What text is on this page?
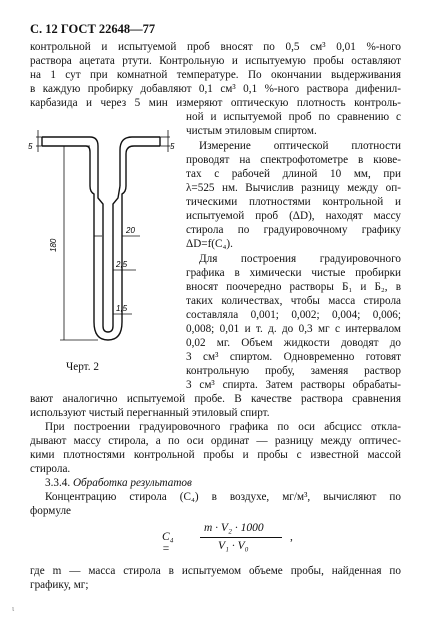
С. 12 ГОСТ 22648—77
контрольной и испытуемой проб вносят по 0,5 см³ 0,01 %-ного
раствора ацетата ртути. Контрольную и испытуемую пробы оставляют
на 1 сут при комнатной температуре. По окончании выдерживания
в каждую пробирку добавляют 0,1 см³ 0,1 %-ного раствора дифенил-
карбазида и через 5 мин измеряют оптическую плотность контроль-
ной и испытуемой проб по сравнению с
чистым этиловым спиртом.
Измерение оптической плотности
проводят на спектрофотометре в кюве-
тах с рабочей длиной 10 мм, при
λ=525 нм. Вычислив разницу между оп-
тическими плотностями контрольной и
испытуемой проб (ΔD), находят массу
стирола по градуировочному графику
ΔD=f(C₄).
Для построения градуировочного
графика в химически чистые пробирки
вносят поочередно растворы Б₁ и Б₂, в
таких количествах, чтобы масса стирола
составляла 0,001; 0,002; 0,004; 0,006;
0,008; 0,01 и т. д. до 0,3 мг с интервалом
0,02 мг. Объем жидкости доводят до
3 см³ спиртом. Одновременно готовят
контрольную пробу, заменяя раствор
3 см³ спирта. Затем растворы обрабаты-
вают аналогично испытуемой пробе. В качестве раствора сравнения
используют чистый перегнанный этиловый спирт.
При построении градуировочного графика по оси абсцисс откла-
дывают массу стирола, а по оси ординат — разницу между оптичес-
кими плотностями контрольной пробы и пробы с известной массой
стирола.
3.3.4. Обработка результатов
Концентрацию стирола (C₄) в воздухе, мг/м³, вычисляют по
формуле
C₄ =
m · V₂ · 1000
V₁ · V₀
,
где m — масса стирола в испытуемом объеме пробы, найденная по
графику, мг;
5	5
180
20
2,5
1,5
Черт. 2
ι
